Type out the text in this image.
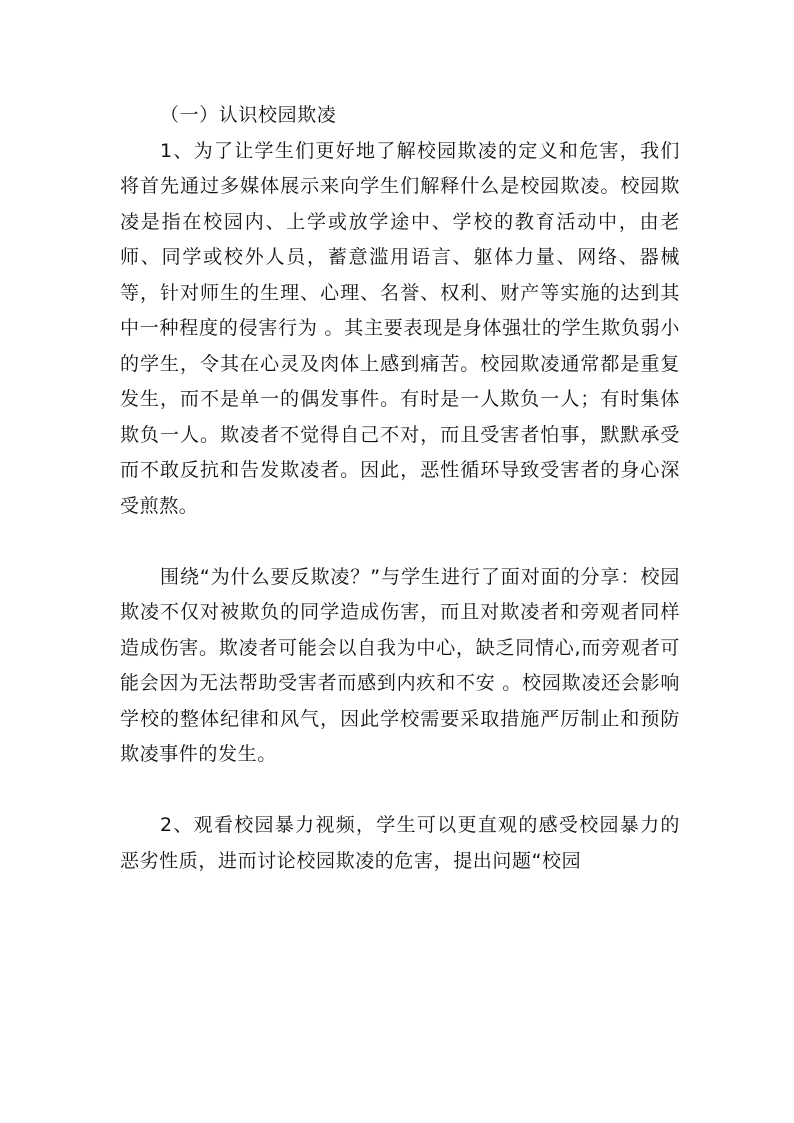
（一）认识校园欺凌

1、为了让学生们更好地了解校园欺凌的定义和危害，我们将首先通过多媒体展示来向学生们解释什么是校园欺凌。校园欺凌是指在校园内、上学或放学途中、学校的教育活动中，由老师、同学或校外人员，蓄意滥用语言、躯体力量、网络、器械等，针对师生的生理、心理、名誉、权利、财产等实施的达到其中一种程度的侵害行为 。其主要表现是身体强壮的学生欺负弱小的学生，令其在心灵及肉体上感到痛苦。校园欺凌通常都是重复发生，而不是单一的偶发事件。有时是一人欺负一人；有时集体欺负一人。欺凌者不觉得自己不对，而且受害者怕事，默默承受而不敢反抗和告发欺凌者。因此，恶性循环导致受害者的身心深受煎熬。

围绕“为什么要反欺凌？”与学生进行了面对面的分享：校园欺凌不仅对被欺负的同学造成伤害，而且对欺凌者和旁观者同样造成伤害。欺凌者可能会以自我为中心，缺乏同情心,而旁观者可能会因为无法帮助受害者而感到内疚和不安 。校园欺凌还会影响学校的整体纪律和风气，因此学校需要采取措施严厉制止和预防欺凌事件的发生。

2、观看校园暴力视频，学生可以更直观的感受校园暴力的恶劣性质，进而讨论校园欺凌的危害，提出问题“校园
